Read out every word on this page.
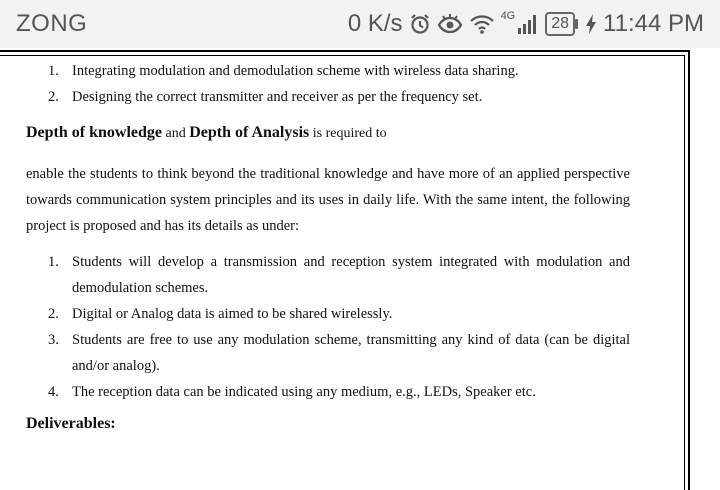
ZONG	0 K/s	4G	28 11:44 PM
1. Integrating modulation and demodulation scheme with wireless data sharing.
2. Designing the correct transmitter and receiver as per the frequency set.
Depth of knowledge and Depth of Analysis is required to
enable the students to think beyond the traditional knowledge and have more of an applied perspective towards communication system principles and its uses in daily life. With the same intent, the following project is proposed and has its details as under:
1. Students will develop a transmission and reception system integrated with modulation and demodulation schemes.
2. Digital or Analog data is aimed to be shared wirelessly.
3. Students are free to use any modulation scheme, transmitting any kind of data (can be digital and/or analog).
4. The reception data can be indicated using any medium, e.g., LEDs, Speaker etc.
Deliverables:
